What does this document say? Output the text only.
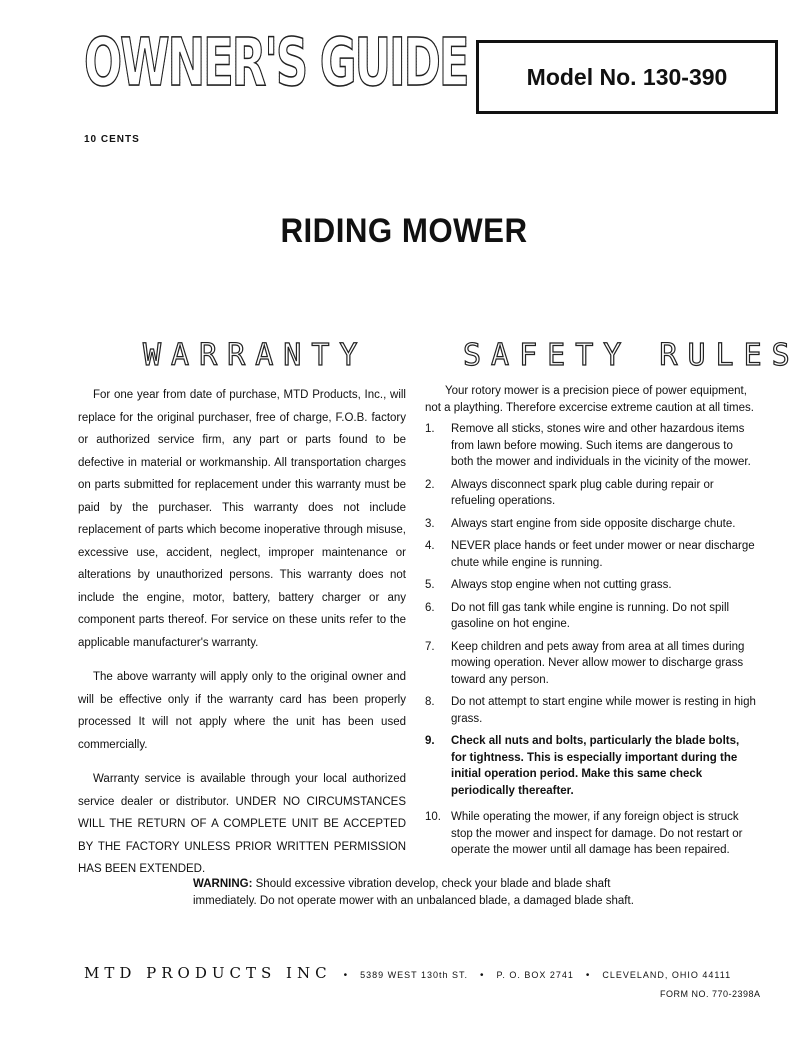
OWNER'S GUIDE	Model No. 130-390
10 CENTS
RIDING MOWER
WARRANTY

For one year from date of purchase, MTD Products, Inc., will replace for the original purchaser, free of charge, F.O.B. factory or authorized service firm, any part or parts found to be defective in material or workmanship. All transportation charges on parts submitted for replacement under this warranty must be paid by the purchaser. This warranty does not include replacement of parts which become inoperative through misuse, excessive use, accident, neglect, improper maintenance or alterations by unauthorized persons. This warranty does not include the engine, motor, battery, battery charger or any component parts thereof. For service on these units refer to the applicable manufacturer's warranty.

The above warranty will apply only to the original owner and will be effective only if the warranty card has been properly processed It will not apply where the unit has been used commercially.

Warranty service is available through your local authorized service dealer or distributor. UNDER NO CIRCUMSTANCES WILL THE RETURN OF A COMPLETE UNIT BE ACCEPTED BY THE FACTORY UNLESS PRIOR WRITTEN PERMISSION HAS BEEN EXTENDED.

SAFETY RULES

Your rotory mower is a precision piece of power equipment, not a plaything. Therefore excercise extreme caution at all times.

1.	Remove all sticks, stones wire and other hazardous items from lawn before mowing. Such items are dangerous to both the mower and individuals in the vicinity of the mower.
2.	Always disconnect spark plug cable during repair or refueling operations.
3.	Always start engine from side opposite discharge chute.
4.	NEVER place hands or feet under mower or near discharge chute while engine is running.
5.	Always stop engine when not cutting grass.
6.	Do not fill gas tank while engine is running. Do not spill gasoline on hot engine.
7.	Keep children and pets away from area at all times during mowing operation. Never allow mower to discharge grass toward any person.
8.	Do not attempt to start engine while mower is resting in high grass.
9.	Check all nuts and bolts, particularly the blade bolts, for tightness. This is especially important during the initial operation period. Make this same check periodically thereafter.
10. While operating the mower, if any foreign object is struck stop the mower and inspect for damage. Do not restart or operate the mower until all damage has been repaired.
WARNING: Should excessive vibration develop, check your blade and blade shaft immediately. Do not operate mower with an unbalanced blade, a damaged blade shaft.
MTD PRODUCTS INC • 5389 WEST 130th ST. • P. O. BOX 2741 • CLEVELAND, OHIO 44111
FORM NO. 770-2398A
